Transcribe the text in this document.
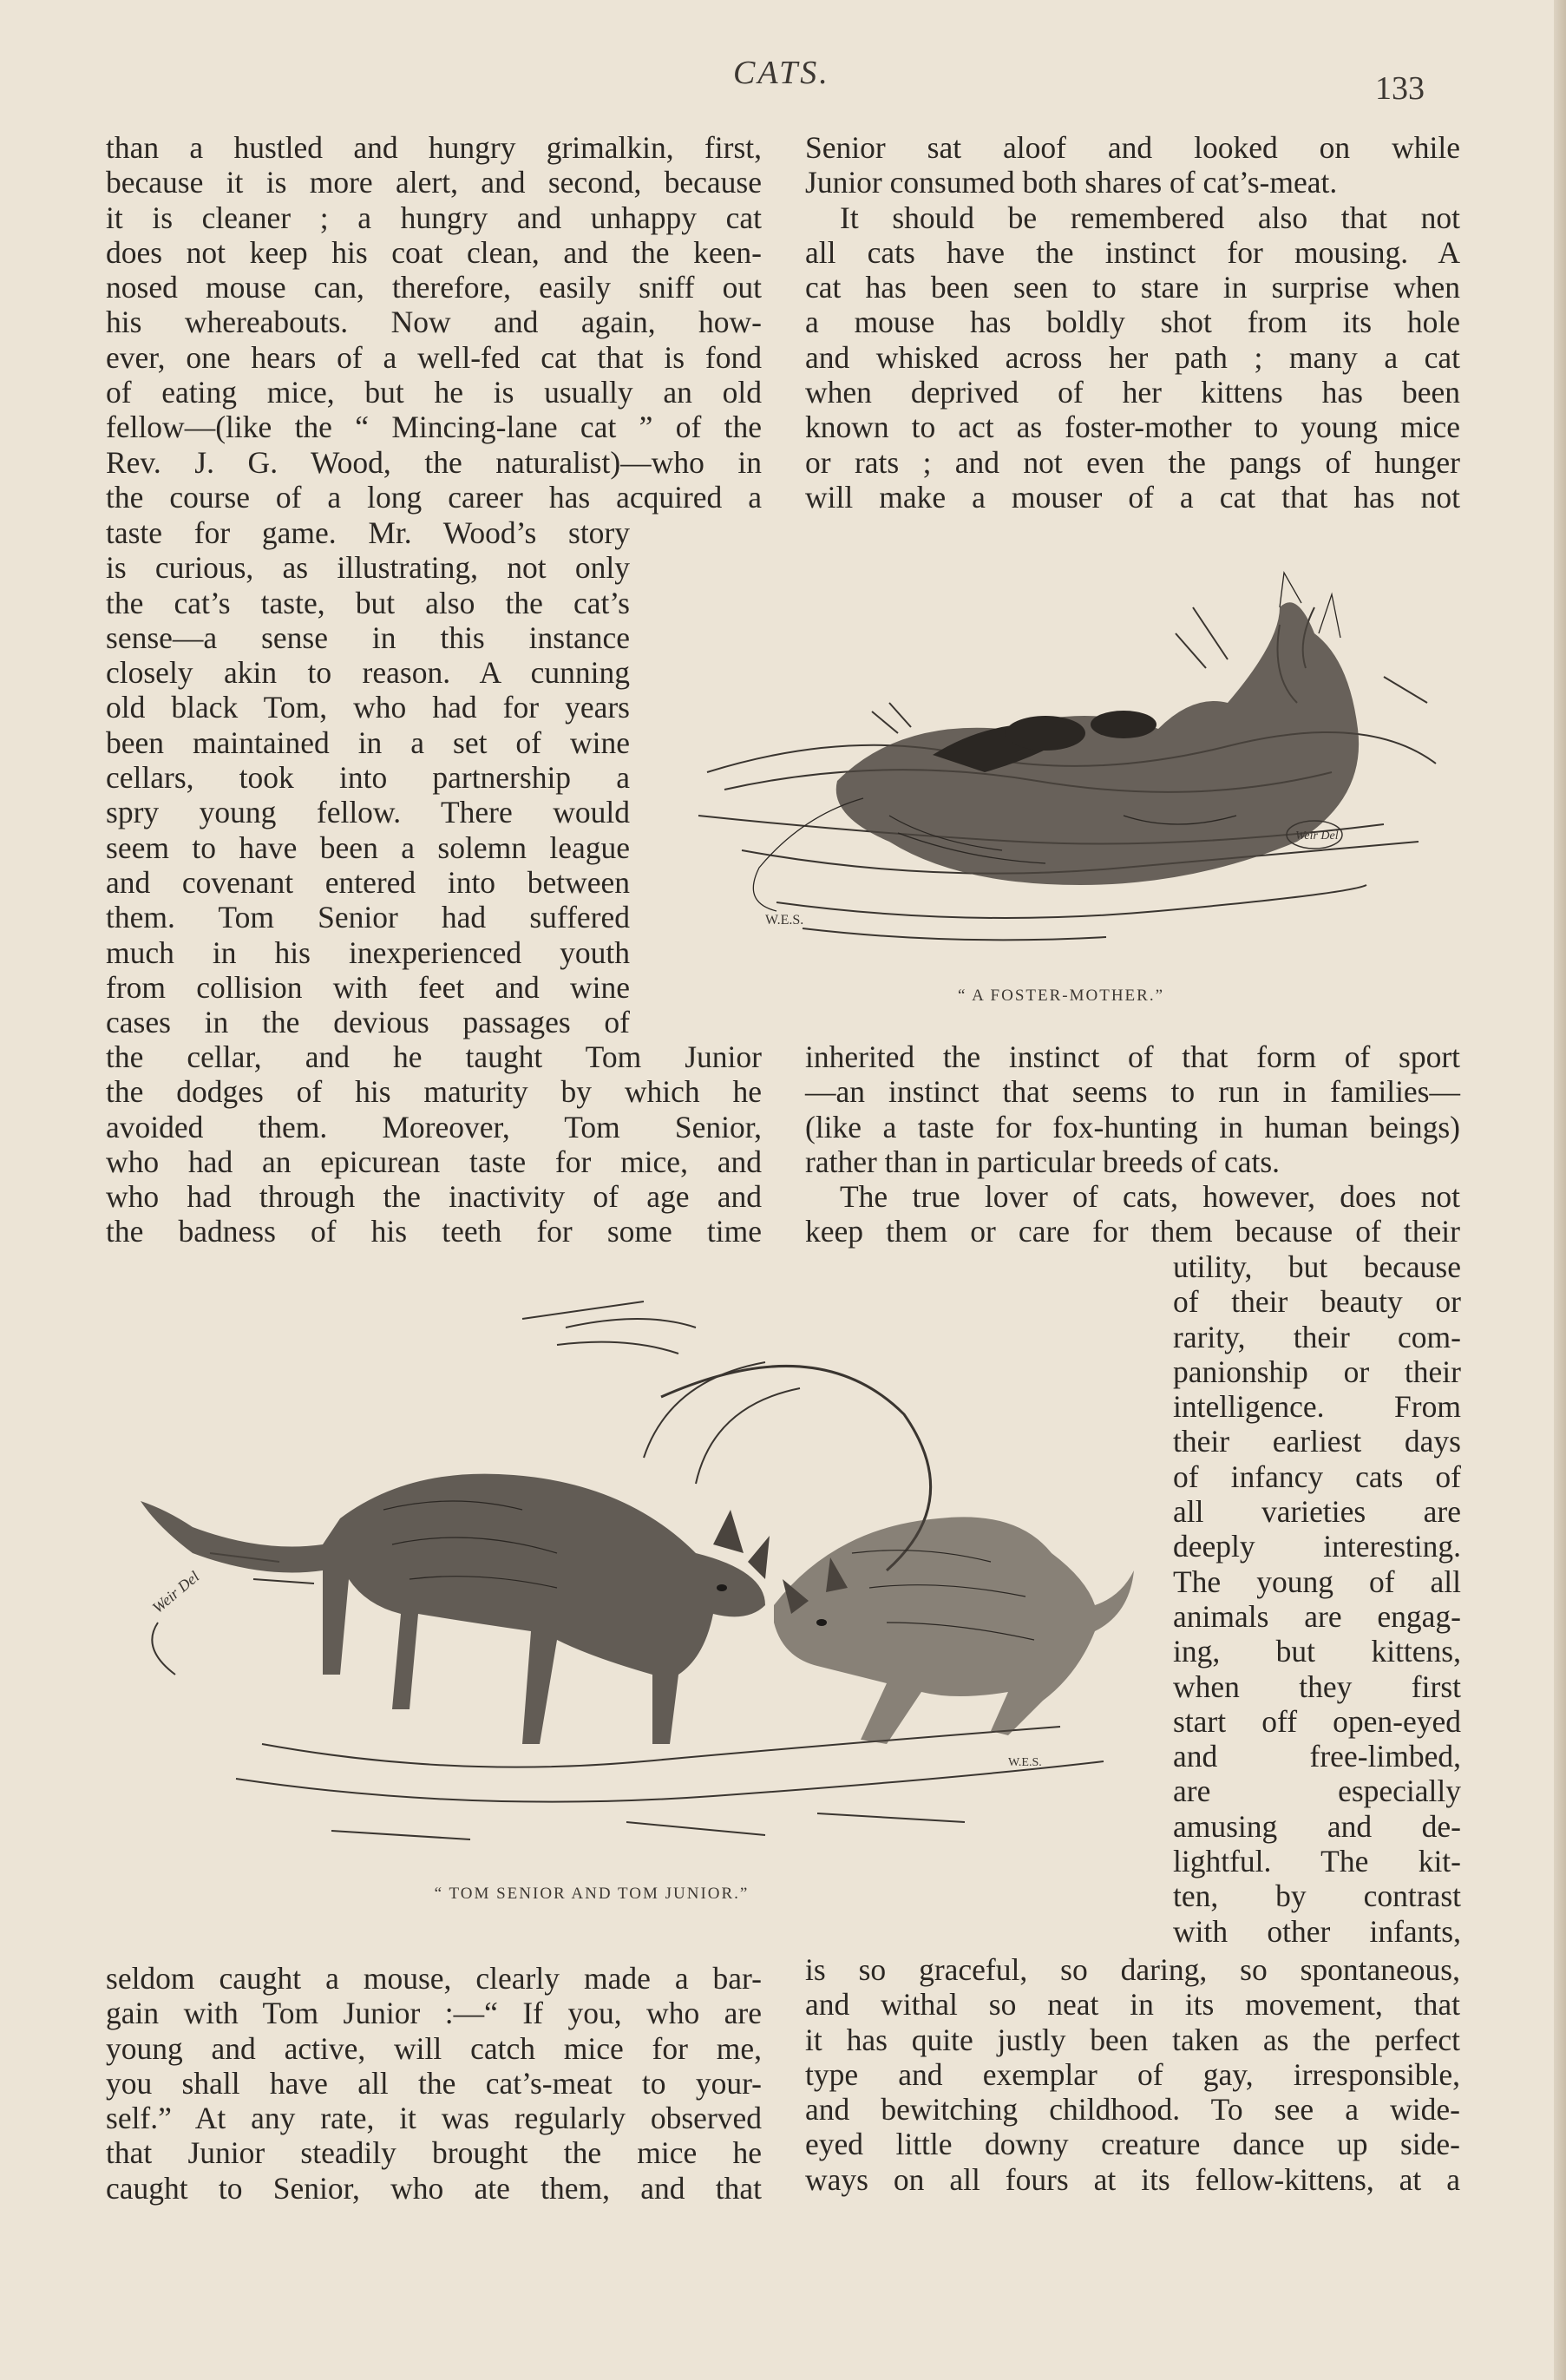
CATS.	133

than a hustled and hungry grimalkin, first,

because it is more alert, and second, because

it is cleaner ; a hungry and unhappy cat

does not keep his coat clean, and the keen-

nosed mouse can, therefore, easily sniff out

his whereabouts. Now and again, how-

ever, one hears of a well-fed cat that is fond

of eating mice, but he is usually an old

fellow—(like the “ Mincing-lane cat ” of the

Rev. J. G. Wood, the naturalist)—who in

the course of a long career has acquired a

taste for game. Mr. Wood’s story

is curious, as illustrating, not only

the cat’s taste, but also the cat’s

sense—a sense in this instance

closely akin to reason. A cunning

old black Tom, who had for years

been maintained in a set of wine

cellars, took into partnership a

spry young fellow. There would

seem to have been a solemn league

and covenant entered into between

them. Tom Senior had suffered

much in his inexperienced youth

from collision with feet and wine

cases in the devious passages of

the cellar, and he taught Tom Junior

the dodges of his maturity by which he

avoided them. Moreover, Tom Senior,

who had an epicurean taste for mice, and

who had through the inactivity of age and

the badness of his teeth for some time

seldom caught a mouse, clearly made a bar-

gain with Tom Junior :—“ If you, who are

young and active, will catch mice for me,

you shall have all the cat’s-meat to your-

self.” At any rate, it was regularly observed

that Junior steadily brought the mice he

caught to Senior, who ate them, and that

Senior sat aloof and looked on while

Junior consumed both shares of cat’s-meat.

It should be remembered also that not

all cats have the instinct for mousing. A

cat has been seen to stare in surprise when

a mouse has boldly shot from its hole

and whisked across her path ; many a cat

when deprived of her kittens has been

known to act as foster-mother to young mice

or rats ; and not even the pangs of hunger

will make a mouser of a cat that has not

W.E.S.
Weir Del
“ A FOSTER-MOTHER.”

inherited the instinct of that form of sport

—an instinct that seems to run in families—

(like a taste for fox-hunting in human beings)

rather than in particular breeds of cats.

The true lover of cats, however, does not

keep them or care for them because of their

utility, but because

of their beauty or

rarity, their com-

panionship or their

intelligence. From

their earliest days

of infancy cats of

all varieties are

deeply interesting.

The young of all

animals are engag-

ing, but kittens,

when they first

start off open-eyed

and free-limbed,

are especially

amusing and de-

lightful. The kit-

ten, by contrast

with other infants,

Weir Del
W.E.S.
“ TOM SENIOR AND TOM JUNIOR.”

is so graceful, so daring, so spontaneous,

and withal so neat in its movement, that

it has quite justly been taken as the perfect

type and exemplar of gay, irresponsible,

and bewitching childhood. To see a wide-

eyed little downy creature dance up side-

ways on all fours at its fellow-kittens, at a
